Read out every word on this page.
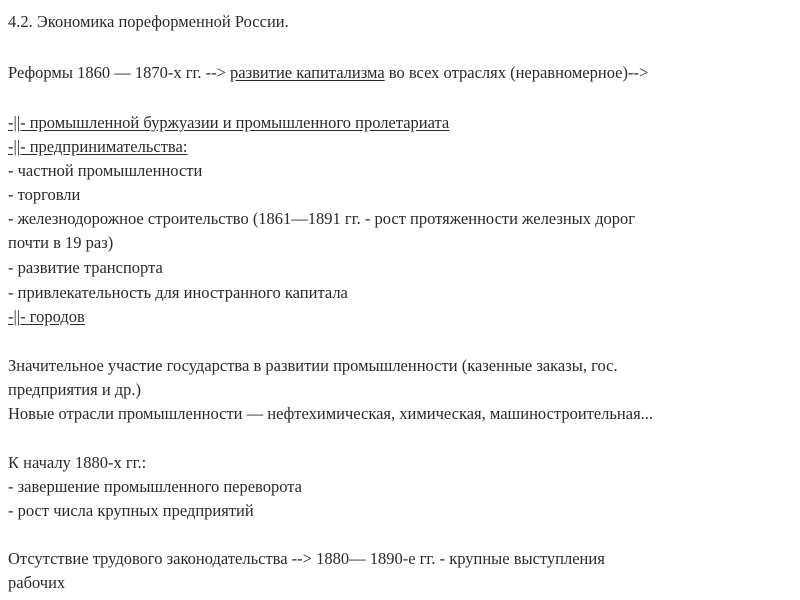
4.2. Экономика пореформенной России.
Реформы 1860 — 1870-х гг. --> развитие капитализма во всех отраслях (неравномерное)-->
-||- промышленной буржуазии и промышленного пролетариата
-||- предпринимательства:
- частной промышленности
- торговли
- железнодорожное строительство (1861—1891 гг. - рост протяженности железных дорог
почти в 19 раз)
- развитие транспорта
- привлекательность для иностранного капитала
-||- городов
Значительное участие государства в развитии промышленности (казенные заказы, гос.
предприятия и др.)
Новые отрасли промышленности — нефтехимическая, химическая, машиностроительная...
К началу 1880-х гг.:
- завершение промышленного переворота
- рост числа крупных предприятий
Отсутствие трудового законодательства --> 1880— 1890-е гг. - крупные выступления
рабочих
